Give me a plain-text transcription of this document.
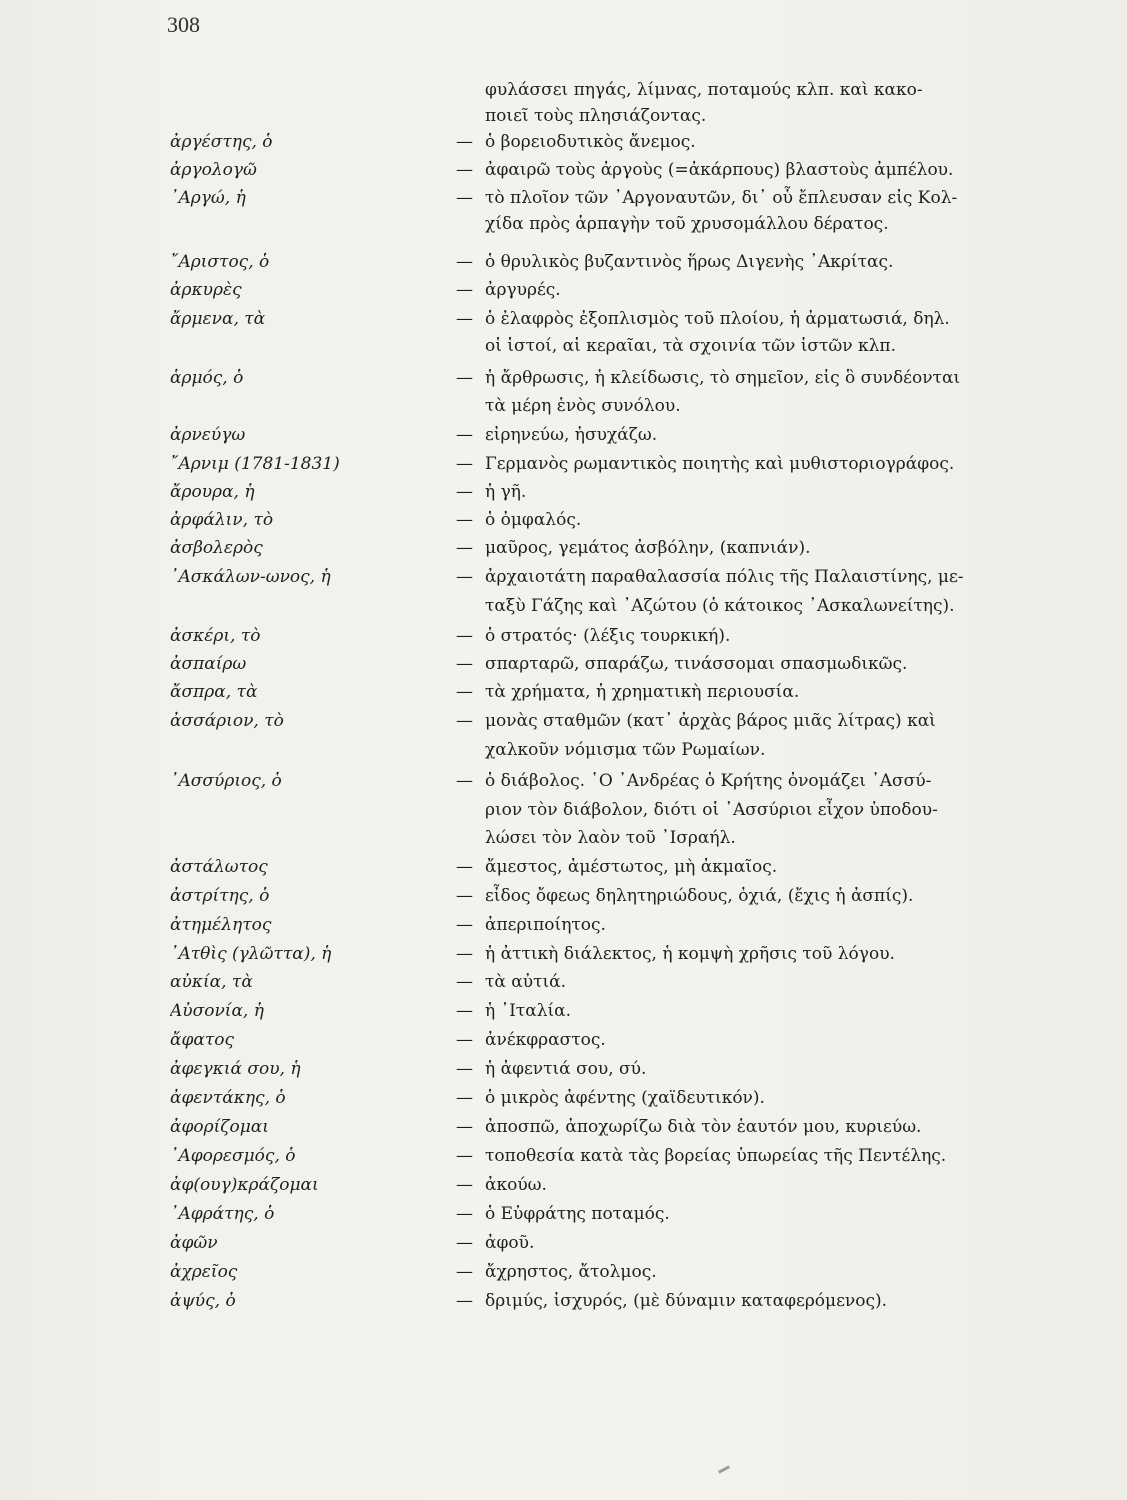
308
φυλάσσει πηγάς, λίμνας, ποταμούς κλπ. καὶ κακο-
ποιεῖ τοὺς πλησιάζοντας.
ἀργέστης, ὁ	— ὁ βορειοδυτικὸς ἄνεμος.
ἀργολογῶ	— ἀφαιρῶ τοὺς ἀργοὺς (=ἀκάρπους) βλαστοὺς ἀμπέλου.
᾽Αργώ, ἡ	— τὸ πλοῖον τῶν ᾽Αργοναυτῶν, δι᾽ οὗ ἔπλευσαν εἰς Κολ-
χίδα πρὸς ἁρπαγὴν τοῦ χρυσομάλλου δέρατος.
῎Αριστος, ὁ	— ὁ θρυλικὸς βυζαντινὸς ἥρως Διγενὴς ᾽Ακρίτας.
ἀρκυρὲς	— ἀργυρές.
ἄρμενα, τὰ	— ὁ ἐλαφρὸς ἐξοπλισμὸς τοῦ πλοίου, ἡ ἀρματωσιά, δηλ.
οἱ ἱστοί, αἱ κεραῖαι, τὰ σχοινία τῶν ἱστῶν κλπ.
ἁρμός, ὁ	— ἡ ἄρθρωσις, ἡ κλείδωσις, τὸ σημεῖον, εἰς ὃ συνδέονται
τὰ μέρη ἑνὸς συνόλου.
ἀρνεύγω	— εἰρηνεύω, ἡσυχάζω.
῎Αρνιμ (1781-1831)	— Γερμανὸς ρωμαντικὸς ποιητὴς καὶ μυθιστοριογράφος.
ἄρουρα, ἡ	— ἡ γῆ.
ἀρφάλιν, τὸ	— ὁ ὀμφαλός.
ἀσβολερὸς	— μαῦρος, γεμάτος ἀσβόλην, (καπνιάν).
᾽Ασκάλων-ωνος, ἡ	— ἀρχαιοτάτη παραθαλασσία πόλις τῆς Παλαιστίνης, με-
ταξὺ Γάζης καὶ ᾽Αζώτου (ὁ κάτοικος ᾽Ασκαλωνείτης).
ἀσκέρι, τὸ	— ὁ στρατός· (λέξις τουρκική).
ἀσπαίρω	— σπαρταρῶ, σπαράζω, τινάσσομαι σπασμωδικῶς.
ἄσπρα, τὰ	— τὰ χρήματα, ἡ χρηματικὴ περιουσία.
ἀσσάριον, τὸ	— μονὰς σταθμῶν (κατ᾽ ἀρχὰς βάρος μιᾶς λίτρας) καὶ
χαλκοῦν νόμισμα τῶν Ρωμαίων.
᾽Ασσύριος, ὁ	— ὁ διάβολος. ῾Ο ᾽Ανδρέας ὁ Κρήτης ὀνομάζει ᾽Ασσύ-
ριον τὸν διάβολον, διότι οἱ ᾽Ασσύριοι εἶχον ὑποδου-
λώσει τὸν λαὸν τοῦ ᾽Ισραήλ.
ἀστάλωτος	— ἄμεστος, ἀμέστωτος, μὴ ἀκμαῖος.
ἀστρίτης, ὁ	— εἶδος ὄφεως δηλητηριώδους, ὀχιά, (ἔχις ἡ ἀσπίς).
ἀτημέλητος	— ἀπεριποίητος.
᾽Ατθὶς (γλῶττα), ἡ	— ἡ ἀττικὴ διάλεκτος, ἡ κομψὴ χρῆσις τοῦ λόγου.
αὐκία, τὰ	— τὰ αὐτιά.
Αὐσονία, ἡ	— ἡ ᾽Ιταλία.
ἄφατος	— ἀνέκφραστος.
ἀφεγκιά σου, ἡ	— ἡ ἀφεντιά σου, σύ.
ἀφεντάκης, ὁ	— ὁ μικρὸς ἀφέντης (χαϊδευτικόν).
ἀφορίζομαι	— ἀποσπῶ, ἀποχωρίζω διὰ τὸν ἑαυτόν μου, κυριεύω.
᾽Αφορεσμός, ὁ	— τοποθεσία κατὰ τὰς βορείας ὑπωρείας τῆς Πεντέλης.
ἀφ(ουγ)κράζομαι	— ἀκούω.
᾽Αφράτης, ὁ	— ὁ Εὐφράτης ποταμός.
ἀφῶν	— ἀφοῦ.
ἀχρεῖος	— ἄχρηστος, ἄτολμος.
ἀψύς, ὁ	— δριμύς, ἰσχυρός, (μὲ δύναμιν καταφερόμενος).
